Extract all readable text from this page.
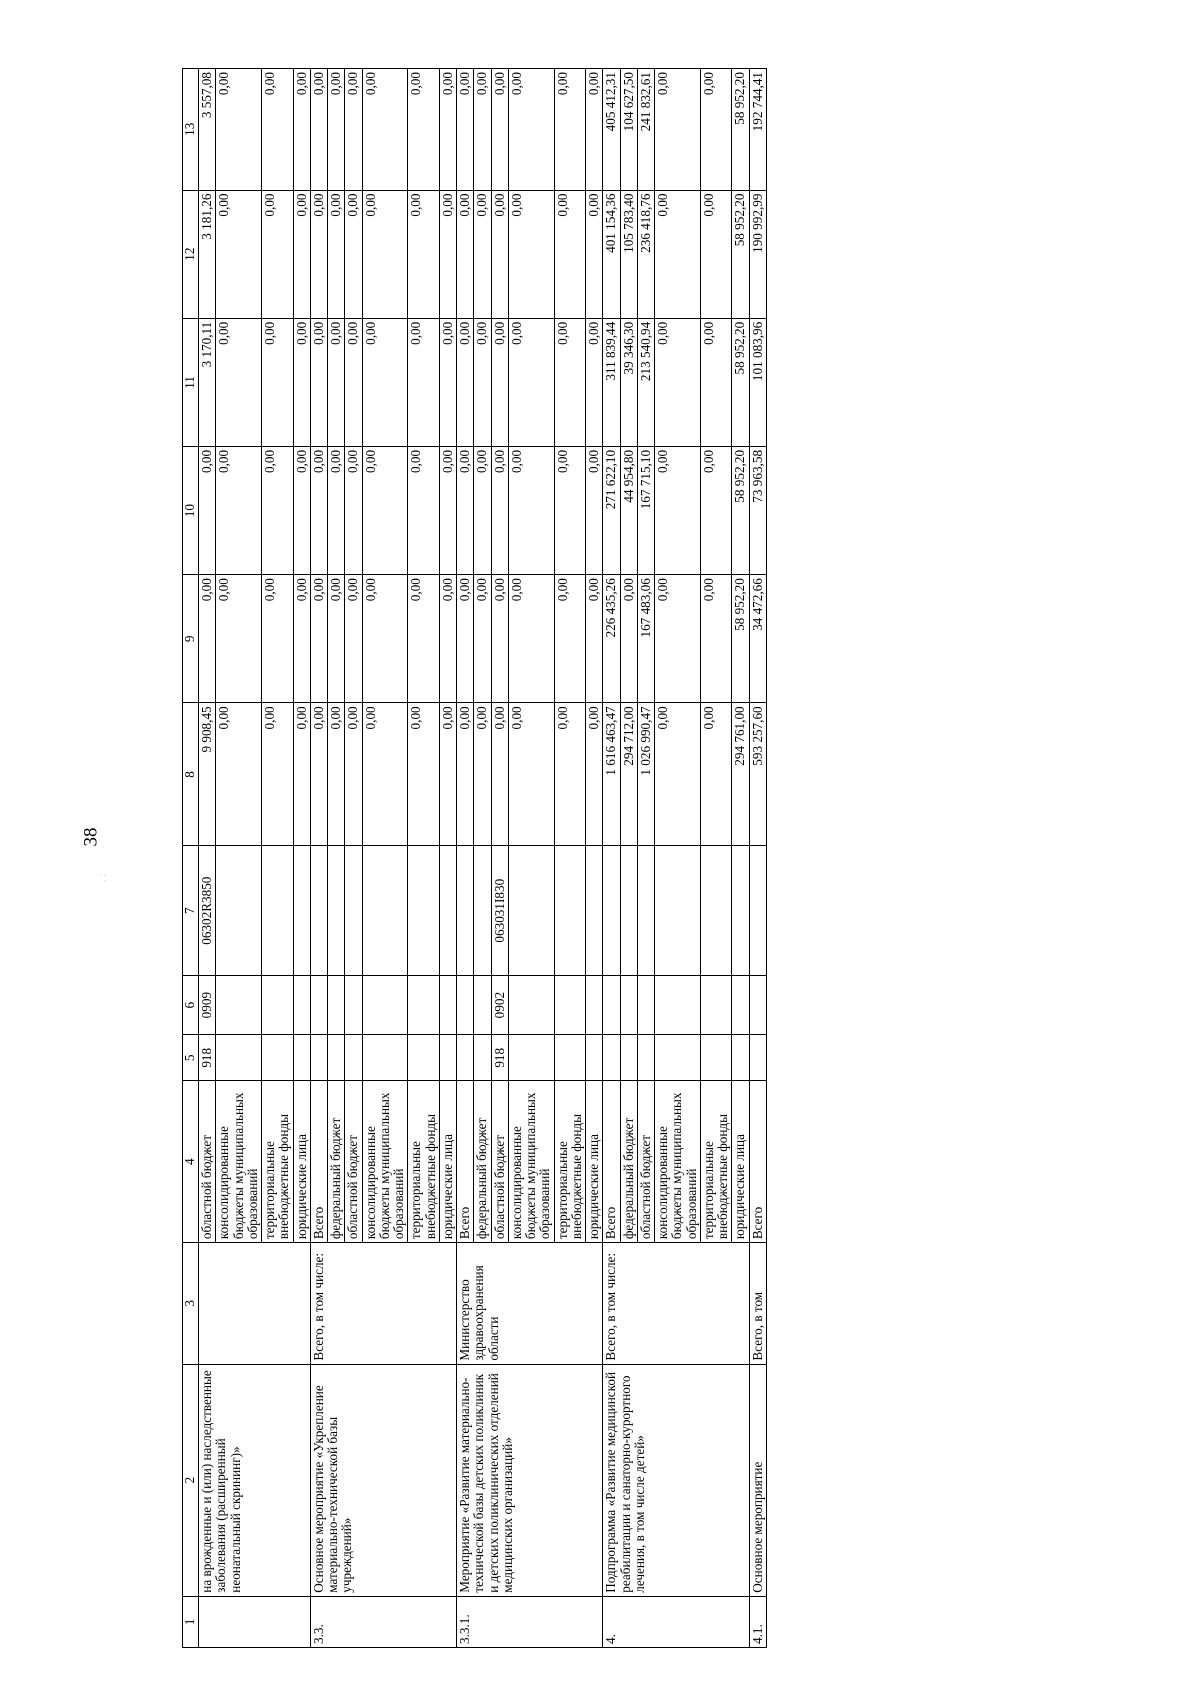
. :
38
1	2	3	4	5	6	7	8	9	10	11	12	13
	на врожденные и (или) наследственные заболевания (расширенный неонатальный скрининг)»		областной бюджет	918	0909	06302R3850	9 908,45	0,00	0,00	3 170,11	3 181,26	3 557,08
			консолидированные бюджеты муниципальных образований				0,00	0,00	0,00	0,00	0,00	0,00
			территориальные внебюджетные фонды				0,00	0,00	0,00	0,00	0,00	0,00
			юридические лица				0,00	0,00	0,00	0,00	0,00	0,00
3.3.	Основное мероприятие «Укрепление материально-технической базы учреждений»	Всего, в том числе:	Всего				0,00	0,00	0,00	0,00	0,00	0,00
			федеральный бюджет				0,00	0,00	0,00	0,00	0,00	0,00
			областной бюджет				0,00	0,00	0,00	0,00	0,00	0,00
			консолидированные бюджеты муниципальных образований				0,00	0,00	0,00	0,00	0,00	0,00
			территориальные внебюджетные фонды				0,00	0,00	0,00	0,00	0,00	0,00
			юридические лица				0,00	0,00	0,00	0,00	0,00	0,00
3.3.1.	Мероприятие «Развитие материально-технической базы детских поликлиник и детских поликлинических отделений медицинских организаций»	Министерство здравоохранения области	Всего				0,00	0,00	0,00	0,00	0,00	0,00
			федеральный бюджет				0,00	0,00	0,00	0,00	0,00	0,00
			областной бюджет	918	0902	063031I830	0,00	0,00	0,00	0,00	0,00	0,00
			консолидированные бюджеты муниципальных образований				0,00	0,00	0,00	0,00	0,00	0,00
			территориальные внебюджетные фонды				0,00	0,00	0,00	0,00	0,00	0,00
			юридические лица				0,00	0,00	0,00	0,00	0,00	0,00
4.	Подпрограмма «Развитие медицинской реабилитации и санаторно-курортного лечения, в том числе детей»	Всего, в том числе:	Всего				1 616 463,47	226 435,26	271 622,10	311 839,44	401 154,36	405 412,31
			федеральный бюджет				294 712,00	0,00	44 954,80	39 346,30	105 783,40	104 627,50
			областной бюджет				1 026 990,47	167 483,06	167 715,10	213 540,94	236 418,76	241 832,61
			консолидированные бюджеты муниципальных образований				0,00	0,00	0,00	0,00	0,00	0,00
			территориальные внебюджетные фонды				0,00	0,00	0,00	0,00	0,00	0,00
			юридические лица				294 761,00	58 952,20	58 952,20	58 952,20	58 952,20	58 952,20
4.1.	Основное мероприятие	Всего, в том	Всего				593 257,60	34 472,66	73 963,58	101 083,96	190 992,99	192 744,41
